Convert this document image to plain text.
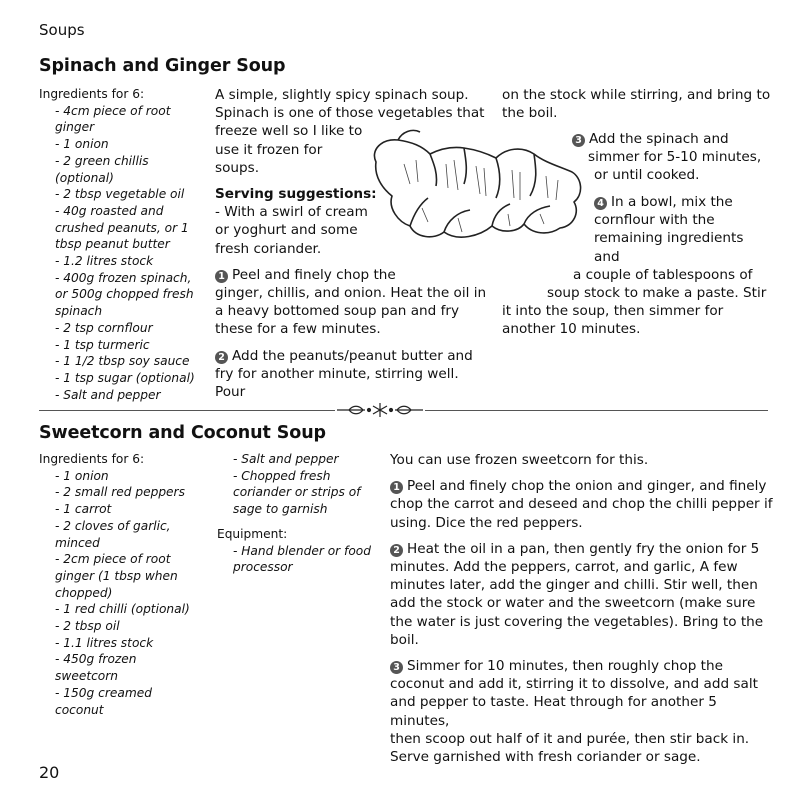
Soups
Spinach and Ginger Soup
Ingredients for 6:
- 4cm piece of root
ginger
- 1 onion
- 2 green chillis
(optional)
- 2 tbsp vegetable oil
- 40g roasted and
crushed peanuts, or 1
tbsp peanut butter
- 1.2 litres stock
- 400g frozen spinach,
or 500g chopped fresh
spinach
- 2 tsp cornflour
- 1 tsp turmeric
- 1 1/2 tbsp soy sauce
- 1 tsp sugar (optional)
- Salt and pepper
A simple, slightly spicy spinach soup.
Spinach is one of those vegetables that
freeze well so I like to
use it frozen for
soups.
Serving suggestions:
- With a swirl of cream
or yoghurt and some
fresh coriander.
1 Peel and finely chop the
ginger, chillis, and onion. Heat the oil in
a heavy bottomed soup pan and fry
these for a few minutes.
2 Add the peanuts/peanut butter and
fry for another minute, stirring well. Pour
on the stock while stirring, and bring to
the boil.
3 Add the spinach and
simmer for 5-10 minutes,
or until cooked.
4 In a bowl, mix the
cornflour with the
remaining ingredients and
a couple of tablespoons of
soup stock to make a paste. Stir
it into the soup, then simmer for
another 10 minutes.
Sweetcorn and Coconut Soup
Ingredients for 6:
- 1 onion
- 2 small red peppers
- 1 carrot
- 2 cloves of garlic,
minced
- 2cm piece of root
ginger (1 tbsp when
chopped)
- 1 red chilli (optional)
- 2 tbsp oil
- 1.1 litres stock
- 450g frozen
sweetcorn
- 150g creamed
coconut
- Salt and pepper
- Chopped fresh
coriander or strips of
sage to garnish
Equipment:
- Hand blender or food
processor
You can use frozen sweetcorn for this.
1 Peel and finely chop the onion and ginger, and finely
chop the carrot and deseed and chop the chilli pepper if
using. Dice the red peppers.
2 Heat the oil in a pan, then gently fry the onion for 5
minutes. Add the peppers, carrot, and garlic, A few
minutes later, add the ginger and chilli. Stir well, then
add the stock or water and the sweetcorn (make sure
the water is just covering the vegetables). Bring to the
boil.
3 Simmer for 10 minutes, then roughly chop the
coconut and add it, stirring it to dissolve, and add salt
and pepper to taste. Heat through for another 5 minutes,
then scoop out half of it and purée, then stir back in.
Serve garnished with fresh coriander or sage.
20
